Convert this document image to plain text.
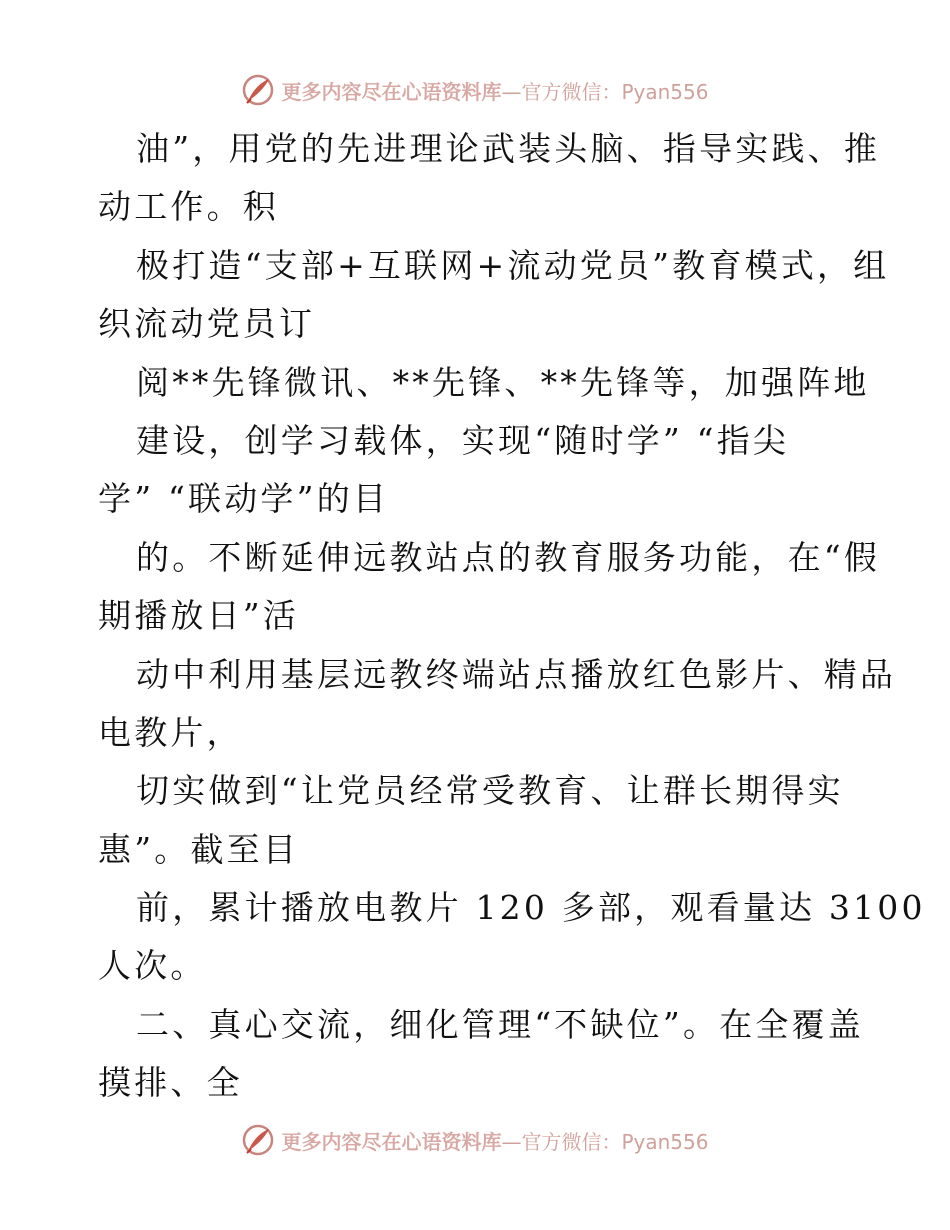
更多内容尽在心语资料库—官方微信：Pyan556
油”，用党的先进理论武装头脑、指导实践、推
动工作。积
极打造“支部+互联网+流动党员”教育模式，组
织流动党员订
阅**先锋微讯、**先锋、**先锋等，加强阵地
建设，创学习载体，实现“随时学” “指尖
学” “联动学”的目
的。不断延伸远教站点的教育服务功能，在“假
期播放日”活
动中利用基层远教终端站点播放红色影片、精品
电教片，
切实做到“让党员经常受教育、让群长期得实
惠”。截至目
前，累计播放电教片 120 多部，观看量达 3100
人次。
二、真心交流，细化管理“不缺位”。在全覆盖
摸排、全
更多内容尽在心语资料库—官方微信：Pyan556
